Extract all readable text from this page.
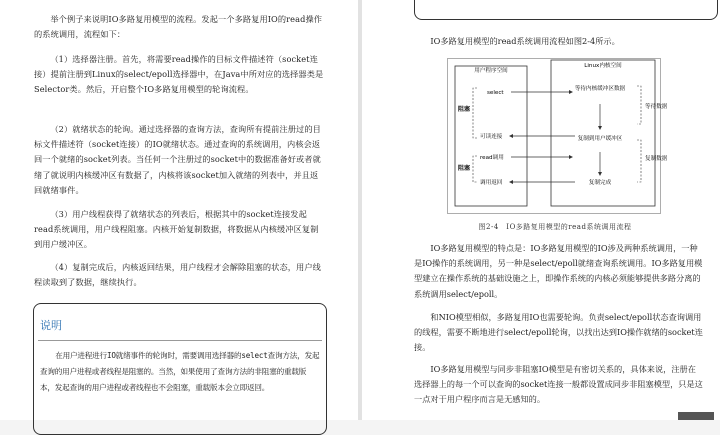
举个例子来说明IO多路复用模型的流程。发起一个多路复用IO的read操作的系统调用，流程如下：

（1）选择器注册。首先，将需要read操作的目标文件描述符（socket连接）提前注册到Linux的select/epoll选择器中，在Java中所对应的选择器类是Selector类。然后，开启整个IO多路复用模型的轮询流程。

（2）就绪状态的轮询。通过选择器的查询方法，查询所有提前注册过的目标文件描述符（socket连接）的IO就绪状态。通过查询的系统调用，内核会返回一个就绪的socket列表。当任何一个注册过的socket中的数据准备好或者就绪了就说明内核缓冲区有数据了，内核将该socket加入就绪的列表中，并且返回就绪事件。

（3）用户线程获得了就绪状态的列表后，根据其中的socket连接发起read系统调用，用户线程阻塞。内核开始复制数据，将数据从内核缓冲区复制到用户缓冲区。

（4）复制完成后，内核返回结果，用户线程才会解除阻塞的状态，用户线程读取到了数据，继续执行。

说明

在用户进程进行IO就绪事件的轮询时，需要调用选择器的select查询方法，发起查询的用户进程或者线程是阻塞的。当然，如果使用了查询方法的非阻塞的重载版本，发起查询的用户进程或者线程也不会阻塞，重载版本会立即返回。

IO多路复用模型的read系统调用流程如图2-4所示。

用户程序空间
Linux内核空间
select
可读连接
read调用
调用返回
阻塞
阻塞
等待内核缓冲区数据
等待数据
复制到用户缓冲区
复制数据
复制完成
图2-4　IO多路复用模型的read系统调用流程

IO多路复用模型的特点是：IO多路复用模型的IO涉及两种系统调用，一种是IO操作的系统调用，另一种是select/epoll就绪查询系统调用。IO多路复用模型建立在操作系统的基础设施之上，即操作系统的内核必须能够提供多路分离的系统调用select/epoll。

和NIO模型相似，多路复用IO也需要轮询。负责select/epoll状态查询调用的线程，需要不断地进行select/epoll轮询，以找出达到IO操作就绪的socket连接。

IO多路复用模型与同步非阻塞IO模型是有密切关系的，具体来说，注册在选择器上的每一个可以查询的socket连接一般都设置成同步非阻塞模型，只是这一点对于用户程序而言是无感知的。
